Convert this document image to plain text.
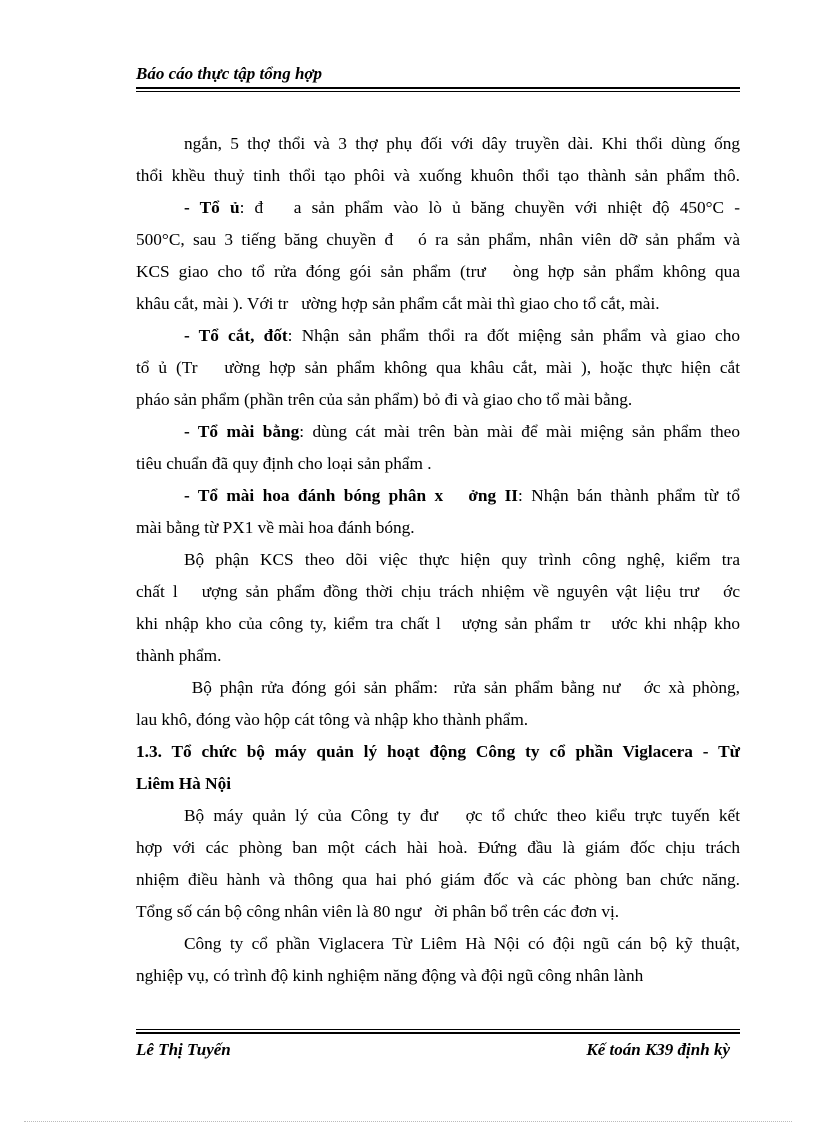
Báo cáo thực tập tổng hợp
ngắn, 5 thợ thổi và 3 thợ phụ đối với dây truyền dài. Khi thổi dùng ống
thổi khều thuỷ tinh thổi tạo phôi và xuống khuôn thổi tạo thành sản phẩm thô.
- Tổ ủ: đ   a sản phẩm vào lò ủ băng chuyền với nhiệt độ 450°C -
500°C, sau 3 tiếng băng chuyền đ   ó ra sản phẩm, nhân viên dỡ sản phẩm và
KCS giao cho tổ rửa đóng gói sản phẩm (trư   òng hợp sản phẩm không qua
khâu cắt, mài ). Với tr   ường hợp sản phẩm cắt mài thì giao cho tổ cắt, mài.
- Tổ cắt, đốt: Nhận sản phẩm thổi ra đốt miệng sản phẩm và giao cho
tổ ủ (Tr   ường hợp sản phẩm không qua khâu cắt, mài ), hoặc thực hiện cắt
pháo sản phẩm (phần trên của sản phẩm) bỏ đi và giao cho tổ mài bằng.
- Tổ mài bằng: dùng cát mài trên bàn mài để mài miệng sản phẩm theo
tiêu chuẩn đã quy định cho loại sản phẩm .
- Tổ mài hoa đánh bóng phân x   ởng II: Nhận bán thành phẩm từ tổ
mài bằng từ PX1 về mài hoa đánh bóng.
Bộ phận KCS theo dõi việc thực hiện quy trình công nghệ, kiểm tra
chất l   ượng sản phẩm đồng thời chịu trách nhiệm về nguyên vật liệu trư   ớc
khi nhập kho của công ty, kiểm tra chất l   ượng sản phẩm tr   ước khi nhập kho
thành phẩm.
Bộ phận rửa đóng gói sản phẩm:  rửa sản phẩm bằng nư   ớc xà phòng,
lau khô, đóng vào hộp cát tông và nhập kho thành phẩm.
1.3. Tổ chức bộ máy quản lý hoạt động Công ty cổ phần Viglacera - Từ
Liêm Hà Nội
Bộ máy quản lý của Công ty đư   ợc tổ chức theo kiểu trực tuyến kết
hợp với các phòng ban một cách hài hoà. Đứng đầu là giám đốc chịu trách
nhiệm điều hành và thông qua hai phó giám đốc và các phòng ban chức năng.
Tổng số cán bộ công nhân viên là 80 ngư   ời phân bổ trên các đơn vị.
Công ty cổ phần Viglacera Từ Liêm Hà Nội có đội ngũ cán bộ kỹ thuật,
nghiệp vụ, có trình độ kinh nghiệm năng động và đội ngũ công nhân lành
Lê Thị Tuyến	Kế toán K39 định kỳ
